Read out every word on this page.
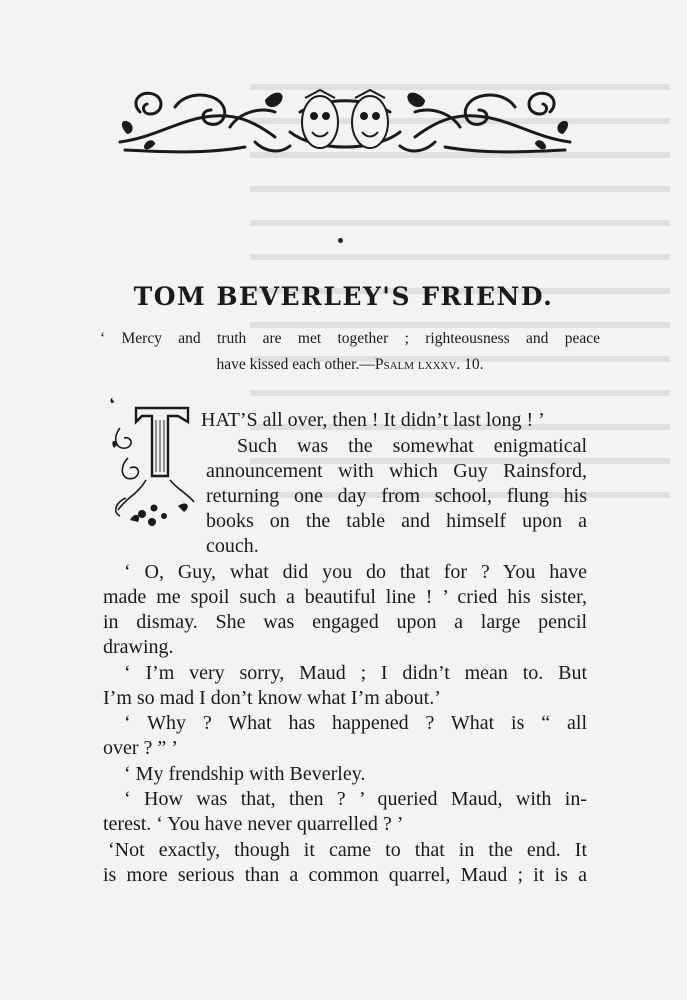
TOM BEVERLEY'S FRIEND.
‘ Mercy and truth are met together ; righteousness and peace
have kissed each other.—Psalm lxxxv. 10.
‘	HAT’S all over, then ! It didn’t last long ! ’
Such was the somewhat enigmatical
announcement with which Guy Rainsford,
returning one day from school, flung his
books on the table and himself upon a
couch.
‘ O, Guy, what did you do that for ? You have
made me spoil such a beautiful line ! ’ cried his sister,
in dismay. She was engaged upon a large pencil
drawing.
‘ I’m very sorry, Maud ; I didn’t mean to. But
I’m so mad I don’t know what I’m about.’
‘ Why ? What has happened ? What is “ all
over ? ” ’
‘ My frendship with Beverley.
‘ How was that, then ? ’ queried Maud, with in-
terest. ‘ You have never quarrelled ? ’
‘Not exactly, though it came to that in the end. It
is more serious than a common quarrel, Maud ; it is a
